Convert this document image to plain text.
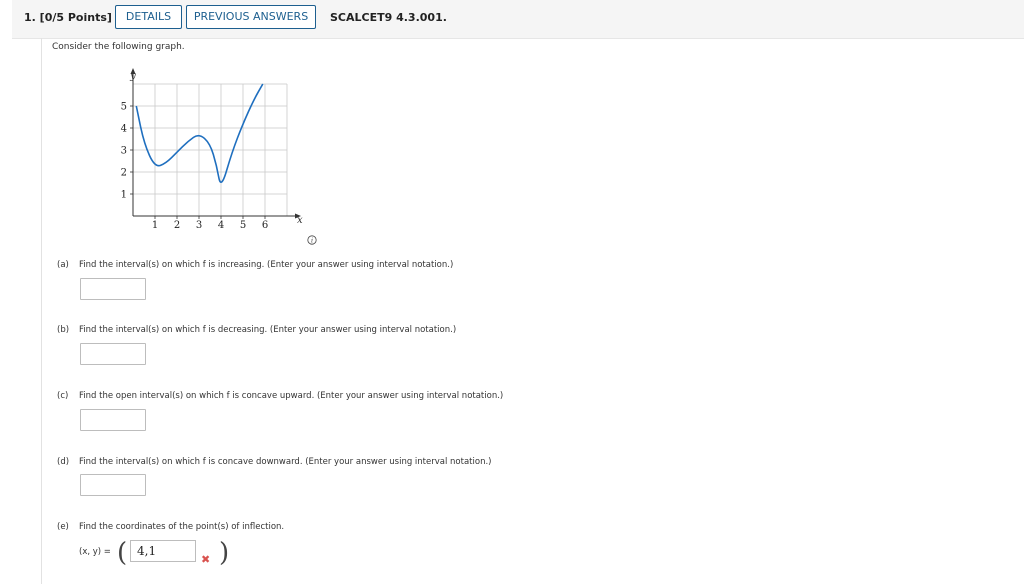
1. [0/5 Points]	DETAILS	PREVIOUS ANSWERS	SCALCET9 4.3.001.
Consider the following graph.
1 2 3 4 5 6
1
2
3
4
5
y
x
i
(a) Find the interval(s) on which f is increasing. (Enter your answer using interval notation.)
(b) Find the interval(s) on which f is decreasing. (Enter your answer using interval notation.)
(c) Find the open interval(s) on which f is concave upward. (Enter your answer using interval notation.)
(d) Find the interval(s) on which f is concave downward. (Enter your answer using interval notation.)
(e) Find the coordinates of the point(s) of inflection.
(x, y) = ( 4,1
✖ )
